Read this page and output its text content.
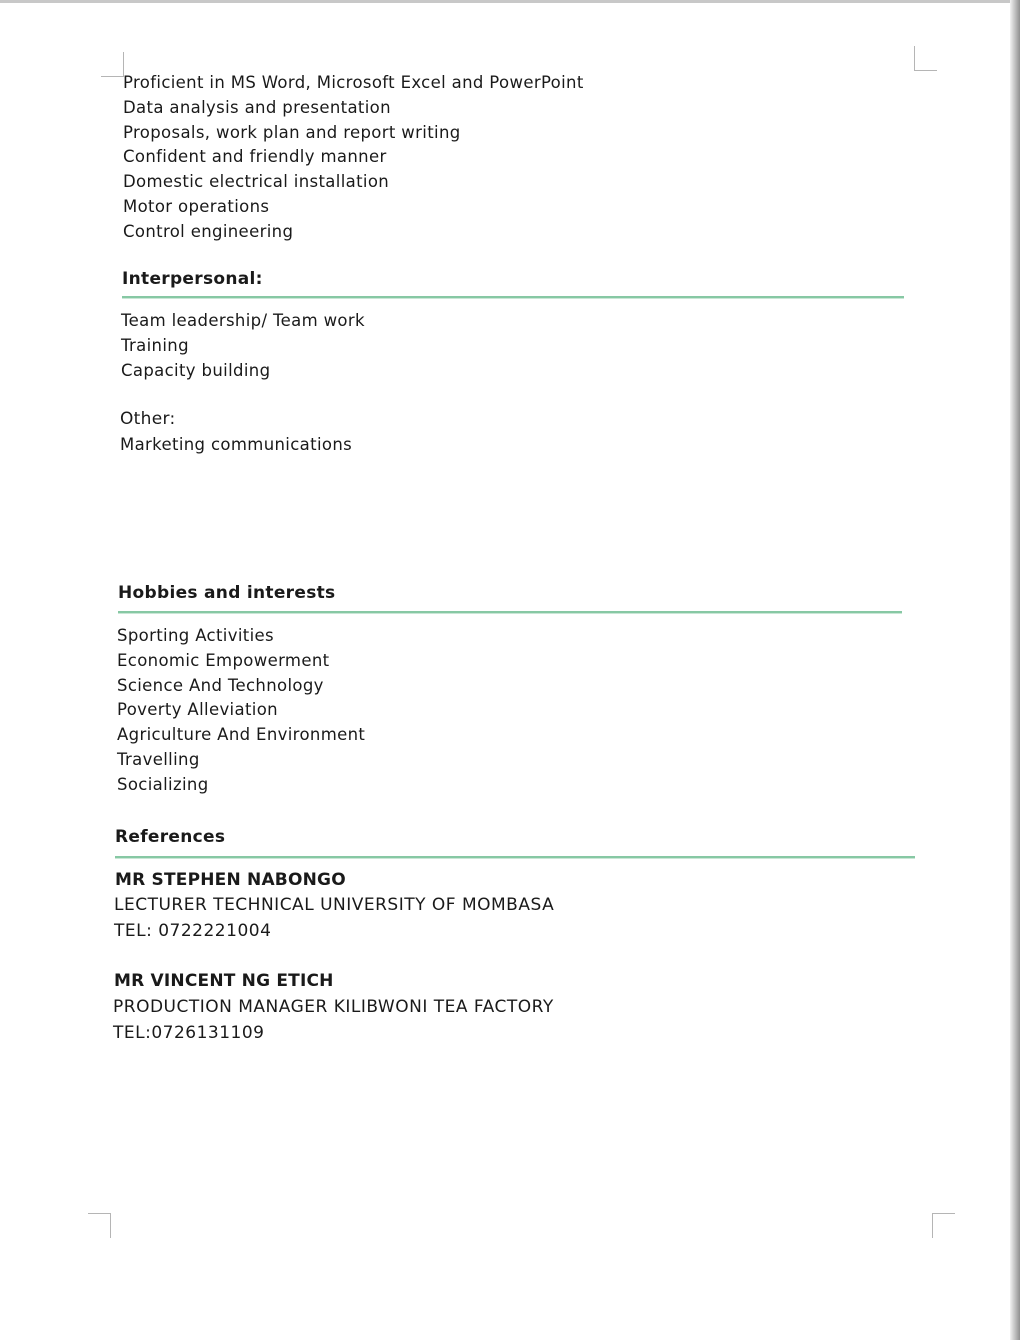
Proficient in MS Word, Microsoft Excel and PowerPoint
Data analysis and presentation
Proposals, work plan and report writing
Confident and friendly manner
Domestic electrical installation
Motor operations
Control engineering
Interpersonal:
Team leadership/ Team work
Training
Capacity building
Other:
Marketing communications
Hobbies and interests
Sporting Activities
Economic Empowerment
Science And Technology
Poverty Alleviation
Agriculture And Environment
Travelling
Socializing
References

MR STEPHEN NABONGO

LECTURER TECHNICAL UNIVERSITY OF MOMBASA

TEL: 0722221004

MR VINCENT NG ETICH

PRODUCTION MANAGER KILIBWONI TEA FACTORY

TEL:0726131109
